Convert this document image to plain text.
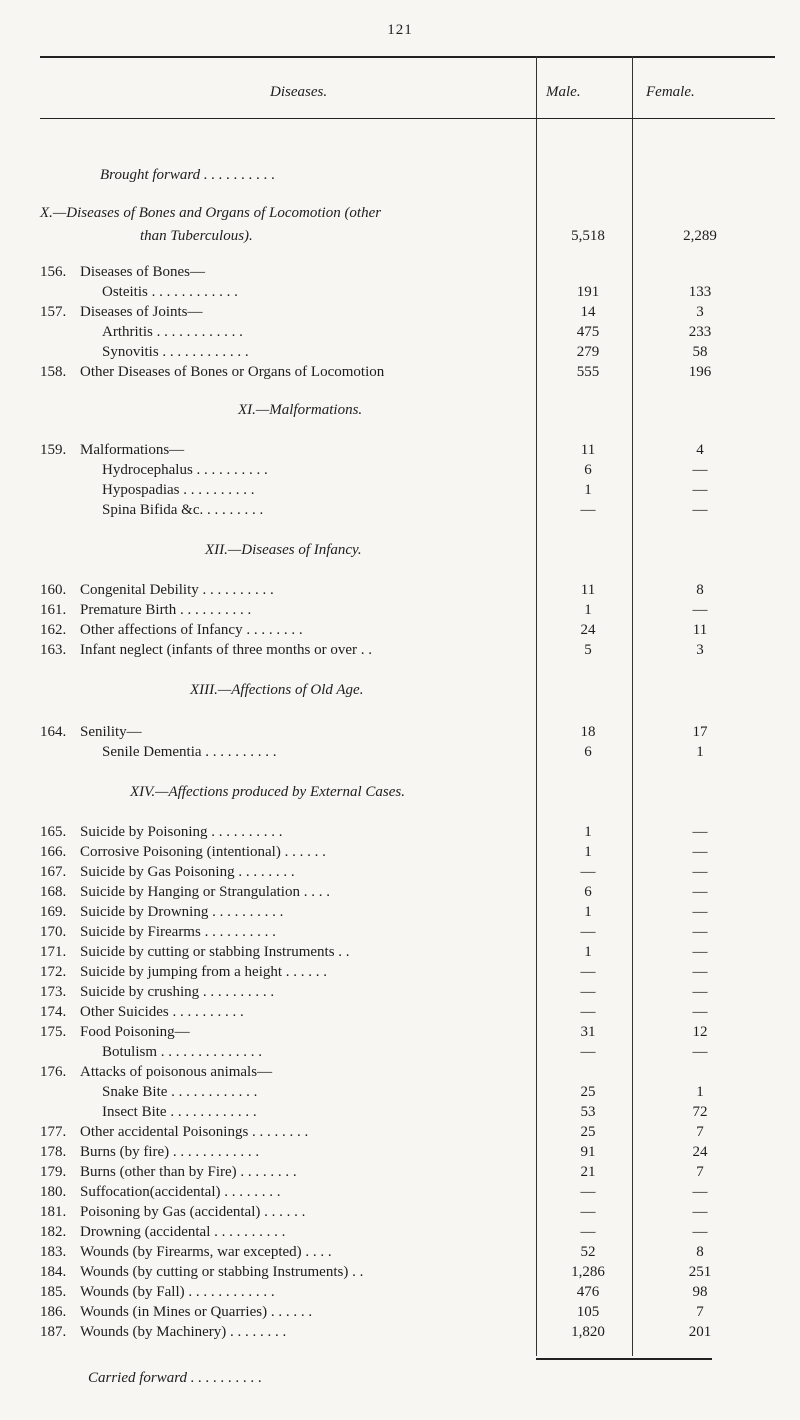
121
Diseases.	Male.	Female.
Brought forward . . . . . . . . . .
X.—Diseases of Bones and Organs of Locomotion (other
than Tuberculous).	5,518	2,289
156. Diseases of Bones—
Osteitis . . . . . . . . . . . .	191	133
157. Diseases of Joints—	14	3
Arthritis . . . . . . . . . . . .	475	233
Synovitis . . . . . . . . . . . .	279	58
158. Other Diseases of Bones or Organs of Locomotion	555	196
XI.—Malformations.
159. Malformations—	11	4
Hydrocephalus . . . . . . . . . .	6	—
Hypospadias . . . . . . . . . .	1	—
Spina Bifida &c. . . . . . . . .	—	—
XII.—Diseases of Infancy.
160. Congenital Debility . . . . . . . . . .	11	8
161. Premature Birth . . . . . . . . . .	1	—
162. Other affections of Infancy . . . . . . . .	24	11
163. Infant neglect (infants of three months or over . .	5	3
XIII.—Affections of Old Age.
164. Senility—	18	17
Senile Dementia . . . . . . . . . .	6	1
XIV.—Affections produced by External Cases.
165. Suicide by Poisoning . . . . . . . . . .	1	—
166. Corrosive Poisoning (intentional) . . . . . .	1	—
167. Suicide by Gas Poisoning . . . . . . . .	—	—
168. Suicide by Hanging or Strangulation . . . .	6	—
169. Suicide by Drowning . . . . . . . . . .	1	—
170. Suicide by Firearms . . . . . . . . . .	—	—
171. Suicide by cutting or stabbing Instruments . .	1	—
172. Suicide by jumping from a height . . . . . .	—	—
173. Suicide by crushing . . . . . . . . . .	—	—
174. Other Suicides . . . . . . . . . .	—	—
175. Food Poisoning—	31	12
Botulism . . . . . . . . . . . . . .	—	—
176. Attacks of poisonous animals—
Snake Bite . . . . . . . . . . . .	25	1
Insect Bite . . . . . . . . . . . .	53	72
177. Other accidental Poisonings . . . . . . . .	25	7
178. Burns (by fire) . . . . . . . . . . . .	91	24
179. Burns (other than by Fire) . . . . . . . .	21	7
180. Suffocation(accidental) . . . . . . . .	—	—
181. Poisoning by Gas (accidental) . . . . . .	—	—
182. Drowning (accidental . . . . . . . . . .	—	—
183. Wounds (by Firearms, war excepted) . . . .	52	8
184. Wounds (by cutting or stabbing Instruments) . .	1,286	251
185. Wounds (by Fall) . . . . . . . . . . . .	476	98
186. Wounds (in Mines or Quarries) . . . . . .	105	7
187. Wounds (by Machinery) . . . . . . . .	1,820	201
Carried forward . . . . . . . . . .
